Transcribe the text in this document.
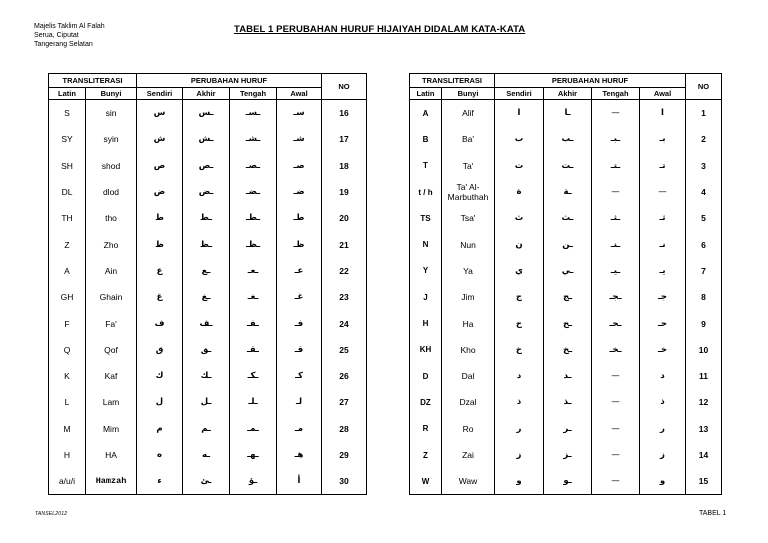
Majelis Taklim Al Falah
Serua, Ciputat
Tangerang Selatan
TABEL 1 PERUBAHAN HURUF HIJAIYAH DIDALAM KATA-KATA
TRANSLITERASI		PERUBAHAN HURUF				NO
Latin	Bunyi	Sendiri	Akhir	Tengah	Awal	
S	sin	س	ـس	ـسـ	سـ	16
SY	syin	ش	ـش	ـشـ	شـ	17
SH	shod	ص	ـص	ـصـ	صـ	18
DL	dlod	ض	ـض	ـضـ	ضـ	19
TH	tho	ط	ـط	ـطـ	طـ	20
Z	Zho	ظ	ـظ	ـظـ	ظـ	21
A	Ain	ع	ـع	ـعـ	عـ	22
GH	Ghain	غ	ـغ	ـغـ	غـ	23
F	Fa'	ف	ـف	ـفـ	فـ	24
Q	Qof	ق	ـق	ـقـ	قـ	25
K	Kaf	ك	ـك	ـكـ	كـ	26
L	Lam	ل	ـل	ـلـ	لـ	27
M	Mim	م	ـم	ـمـ	مـ	28
H	HA	ه	ـه	ـهـ	هـ	29
a/u/i	Hamzah	ء	ـئ	ـؤ	أ	30
TRANSLITERASI		PERUBAHAN HURUF				NO
Latin	Bunyi	Sendiri	Akhir	Tengah	Awal	
A	Alif	ا	ـا	—	ا	1
B	Ba'	ب	ـب	ـبـ	بـ	2
T	Ta'	ت	ـت	ـتـ	تـ	3
t / h	Ta' Al-Marbuthah	ة	ـة	—	—	4
TS	Tsa'	ث	ـث	ـثـ	ثـ	5
N	Nun	ن	ـن	ـنـ	نـ	6
Y	Ya	ي	ـي	ـيـ	يـ	7
J	Jim	ج	ـج	ـجـ	جـ	8
H	Ha	ح	ـح	ـحـ	حـ	9
KH	Kho	خ	ـخ	ـخـ	خـ	10
D	Dal	د	ـد	—	د	11
DZ	Dzal	ذ	ـذ	—	ذ	12
R	Ro	ر	ـر	—	ر	13
Z	Zai	ز	ـز	—	ز	14
W	Waw	و	ـو	—	و	15
TANSEL2012	TABEL 1
